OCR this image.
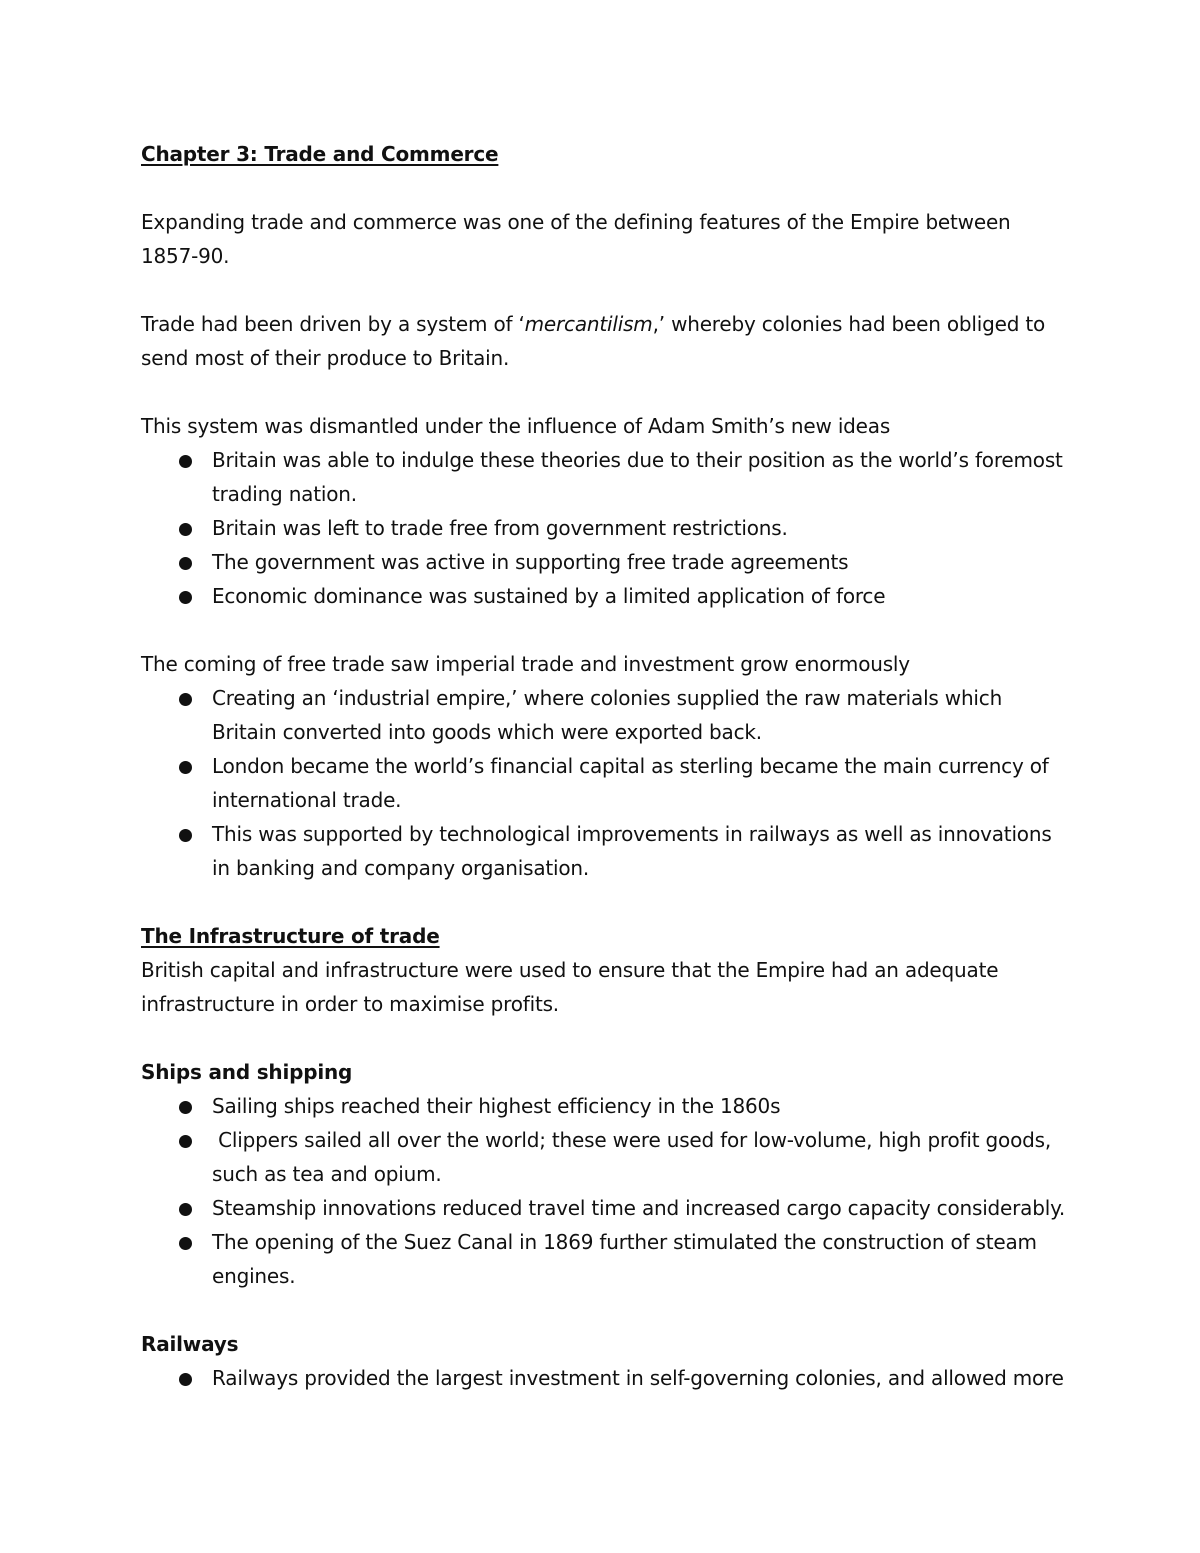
Chapter 3: Trade and Commerce

Expanding trade and commerce was one of the defining features of the Empire between 1857-90.

Trade had been driven by a system of ‘mercantilism,’ whereby colonies had been obliged to send most of their produce to Britain.

This system was dismantled under the influence of Adam Smith’s new ideas

Britain was able to indulge these theories due to their position as the world’s foremost trading nation.
Britain was left to trade free from government restrictions.
The government was active in supporting free trade agreements
Economic dominance was sustained by a limited application of force

The coming of free trade saw imperial trade and investment grow enormously

Creating an ‘industrial empire,’ where colonies supplied the raw materials which Britain converted into goods which were exported back.
London became the world’s financial capital as sterling became the main currency of international trade.
This was supported by technological improvements in railways as well as innovations in banking and company organisation.

The Infrastructure of trade

British capital and infrastructure were used to ensure that the Empire had an adequate infrastructure in order to maximise profits.

Ships and shipping

Sailing ships reached their highest efficiency in the 1860s
Clippers sailed all over the world; these were used for low-volume, high profit goods, such as tea and opium.
Steamship innovations reduced travel time and increased cargo capacity considerably.
The opening of the Suez Canal in 1869 further stimulated the construction of steam engines.

Railways

Railways provided the largest investment in self-governing colonies, and allowed more
